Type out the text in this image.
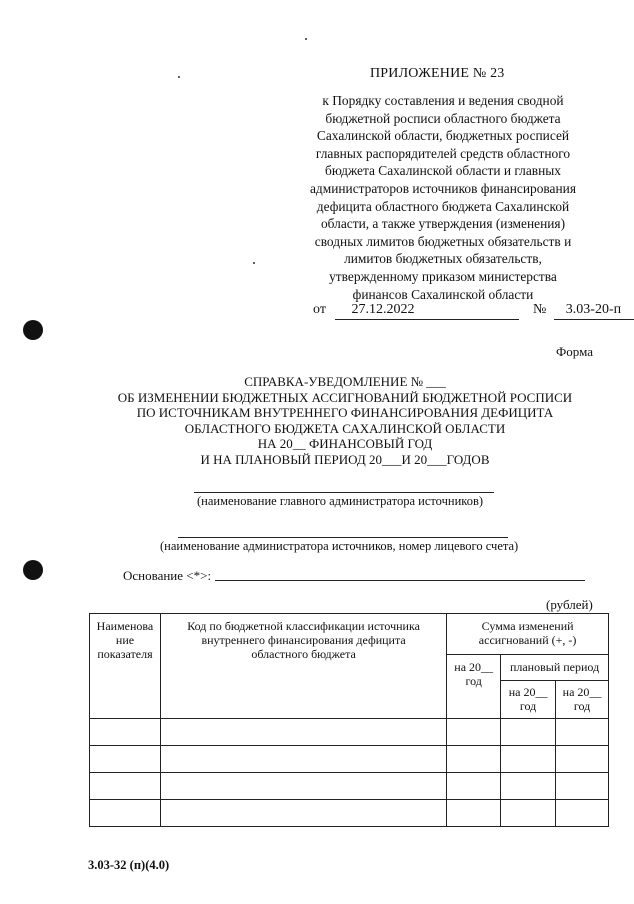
ПРИЛОЖЕНИЕ № 23
к Порядку составления и ведения сводной
бюджетной росписи областного бюджета
Сахалинской области, бюджетных росписей
главных распорядителей средств областного
бюджета Сахалинской области и главных
администраторов источников финансирования
дефицита областного бюджета Сахалинской
области, а также утверждения (изменения)
сводных лимитов бюджетных обязательств и
лимитов бюджетных обязательств,
утвержденному приказом министерства
финансов Сахалинской области
от 27.12.2022	№ 3.03-20-п
Форма
СПРАВКА-УВЕДОМЛЕНИЕ № ___
ОБ ИЗМЕНЕНИИ БЮДЖЕТНЫХ АССИГНОВАНИЙ БЮДЖЕТНОЙ РОСПИСИ
ПО ИСТОЧНИКАМ ВНУТРЕННЕГО ФИНАНСИРОВАНИЯ ДЕФИЦИТА
ОБЛАСТНОГО БЮДЖЕТА САХАЛИНСКОЙ ОБЛАСТИ
НА 20__ ФИНАНСОВЫЙ ГОД
И НА ПЛАНОВЫЙ ПЕРИОД 20___И 20___ГОДОВ
(наименование главного администратора источников)
(наименование администратора источников, номер лицевого счета)
Основание <*>:
(рублей)
Наименова ние показателя	Код по бюджетной классификации источника внутреннего финансирования дефицита областного бюджета	Сумма изменений ассигнований (+, -)		
		на 20__ год	плановый период	
			на 20__ год	на 20__ год

3.03-32 (п)(4.0)
